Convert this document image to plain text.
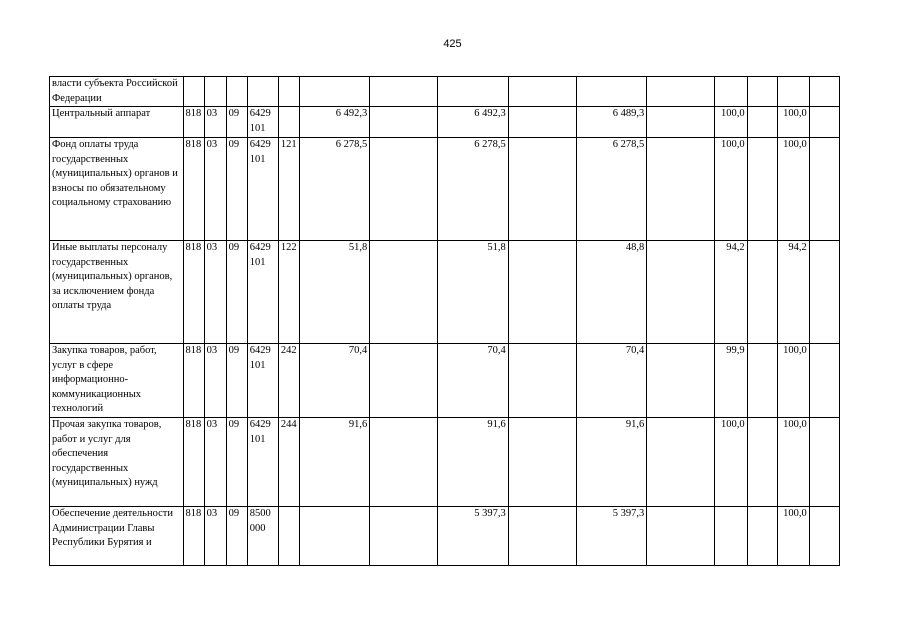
425
власти субъекта Российской Федерации															
Центральный аппарат	818	03	09	6429 101		6 492,3		6 492,3		6 489,3		100,0		100,0	
Фонд оплаты труда государственных (муниципальных) органов и взносы по обязательному социальному страхованию	818	03	09	6429 101	121	6 278,5		6 278,5		6 278,5		100,0		100,0	
Иные выплаты персоналу государственных (муниципальных) органов, за исключением фонда оплаты труда	818	03	09	6429 101	122	51,8		51,8		48,8		94,2		94,2	
Закупка товаров, работ, услуг в сфере информационно-коммуникационных технологий	818	03	09	6429 101	242	70,4		70,4		70,4		99,9		100,0	
Прочая закупка товаров, работ и услуг для обеспечения государственных (муниципальных) нужд	818	03	09	6429 101	244	91,6		91,6		91,6		100,0		100,0	
Обеспечение деятельности Администрации Главы Республики Бурятия и	818	03	09	8500 000				5 397,3		5 397,3				100,0	
